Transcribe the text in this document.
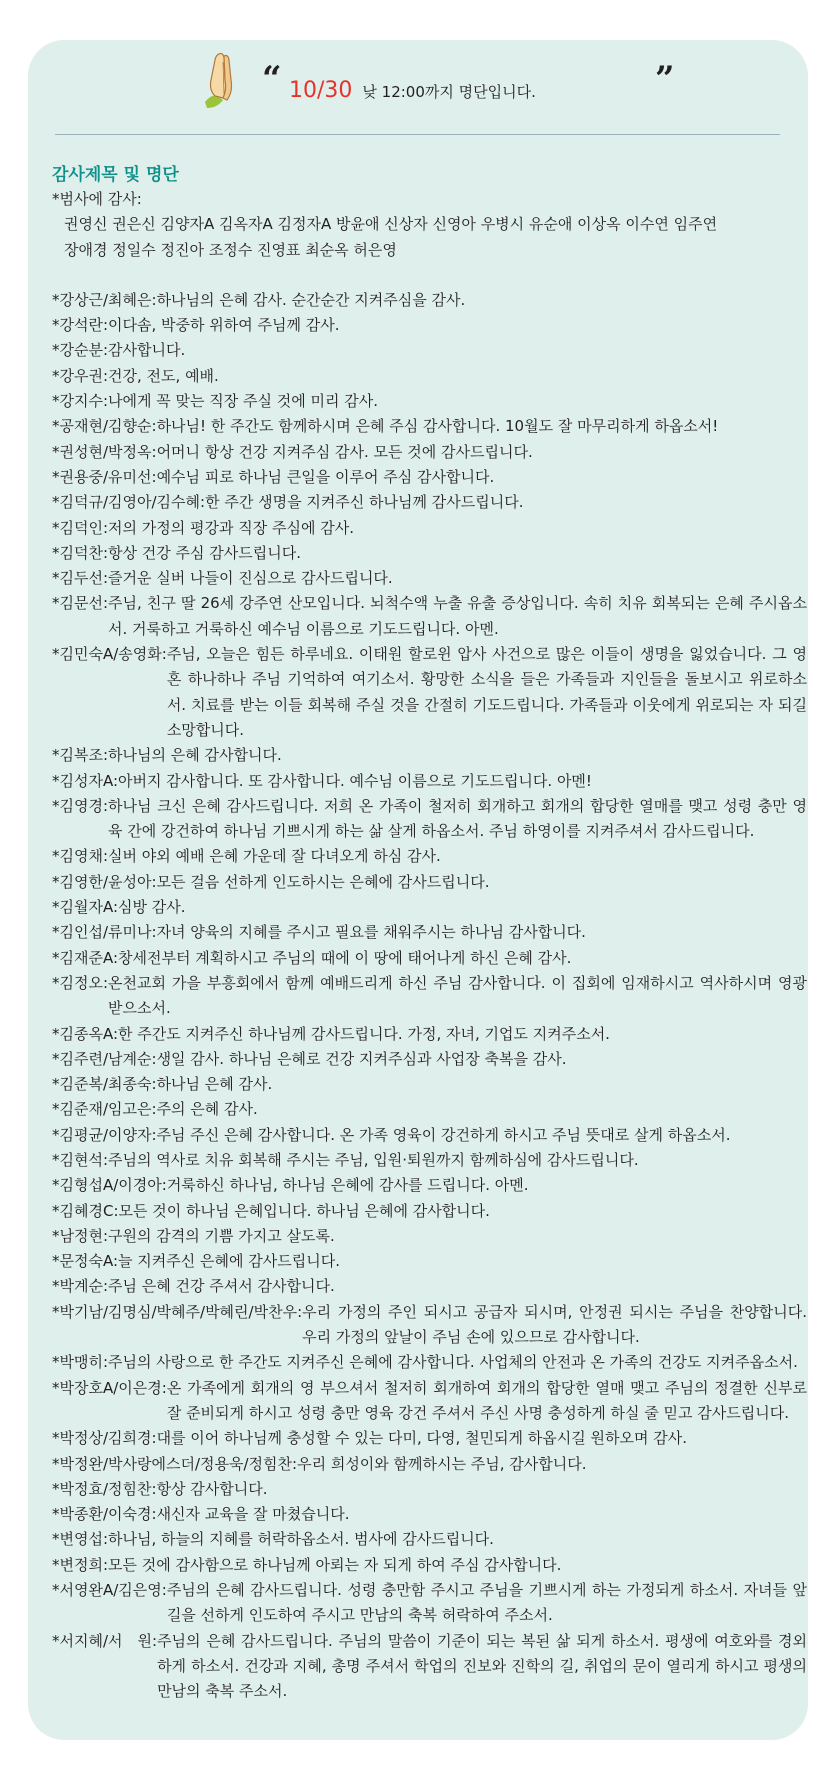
“ 10/30 낮 12:00까지 명단입니다.	”
감사제목 및 명단
*범사에 감사:
권영신 권은신 김양자A 김옥자A 김정자A 방윤애 신상자 신영아 우병시 유순애 이상옥 이수연 임주연
장애경 정일수 정진아 조정수 진영표 최순옥 허은영
*강상근/최혜은: 하나님의 은혜 감사. 순간순간 지켜주심을 감사.
*강석란: 이다솜, 박중하 위하여 주님께 감사.
*강순분: 감사합니다.
*강우권: 건강, 전도, 예배.
*강지수: 나에게 꼭 맞는 직장 주실 것에 미리 감사.
*공재현/김향순: 하나님! 한 주간도 함께하시며 은혜 주심 감사합니다. 10월도 잘 마무리하게 하옵소서!
*권성현/박정옥: 어머니 항상 건강 지켜주심 감사. 모든 것에 감사드립니다.
*권용중/유미선: 예수님 피로 하나님 큰일을 이루어 주심 감사합니다.
*김덕규/김영아/김수혜: 한 주간 생명을 지켜주신 하나님께 감사드립니다.
*김덕인: 저의 가정의 평강과 직장 주심에 감사.
*김덕찬: 항상 건강 주심 감사드립니다.
*김두선: 즐거운 실버 나들이 진심으로 감사드립니다.
*김문선: 주님, 친구 딸 26세 강주연 산모입니다. 뇌척수액 누출 유출 증상입니다. 속히 치유 회복되는 은혜 주시옵소서. 거룩하고 거룩하신 예수님 이름으로 기도드립니다. 아멘.
*김민숙A/송영화: 주님, 오늘은 힘든 하루네요. 이태원 할로윈 압사 사건으로 많은 이들이 생명을 잃었습니다. 그 영혼 하나하나 주님 기억하여 여기소서. 황망한 소식을 들은 가족들과 지인들을 돌보시고 위로하소서. 치료를 받는 이들 회복해 주실 것을 간절히 기도드립니다. 가족들과 이웃에게 위로되는 자 되길 소망합니다.
*김복조: 하나님의 은혜 감사합니다.
*김성자A: 아버지 감사합니다. 또 감사합니다. 예수님 이름으로 기도드립니다. 아멘!
*김영경: 하나님 크신 은혜 감사드립니다. 저희 온 가족이 철저히 회개하고 회개의 합당한 열매를 맺고 성령 충만 영육 간에 강건하여 하나님 기쁘시게 하는 삶 살게 하옵소서. 주님 하영이를 지켜주셔서 감사드립니다.
*김영채: 실버 야외 예배 은혜 가운데 잘 다녀오게 하심 감사.
*김영한/윤성아: 모든 걸음 선하게 인도하시는 은혜에 감사드립니다.
*김월자A: 심방 감사.
*김인섭/류미나: 자녀 양육의 지혜를 주시고 필요를 채워주시는 하나님 감사합니다.
*김재준A: 창세전부터 계획하시고 주님의 때에 이 땅에 태어나게 하신 은혜 감사.
*김정오: 온천교회 가을 부흥회에서 함께 예배드리게 하신 주님 감사합니다. 이 집회에 임재하시고 역사하시며 영광 받으소서.
*김종옥A: 한 주간도 지켜주신 하나님께 감사드립니다. 가정, 자녀, 기업도 지켜주소서.
*김주련/남계순: 생일 감사. 하나님 은혜로 건강 지켜주심과 사업장 축복을 감사.
*김준복/최종숙: 하나님 은혜 감사.
*김준재/임고은: 주의 은혜 감사.
*김평균/이양자: 주님 주신 은혜 감사합니다. 온 가족 영육이 강건하게 하시고 주님 뜻대로 살게 하옵소서.
*김현석: 주님의 역사로 치유 회복해 주시는 주님, 입원·퇴원까지 함께하심에 감사드립니다.
*김형섭A/이경아: 거룩하신 하나님, 하나님 은혜에 감사를 드립니다. 아멘.
*김혜경C: 모든 것이 하나님 은혜입니다. 하나님 은혜에 감사합니다.
*남정현: 구원의 감격의 기쁨 가지고 살도록.
*문정숙A: 늘 지켜주신 은혜에 감사드립니다.
*박계순: 주님 은혜 건강 주셔서 감사합니다.
*박기남/김명심/박혜주/박혜린/박찬우: 우리 가정의 주인 되시고 공급자 되시며, 안정권 되시는 주님을 찬양합니다. 우리 가정의 앞날이 주님 손에 있으므로 감사합니다.
*박맹히: 주님의 사랑으로 한 주간도 지켜주신 은혜에 감사합니다. 사업체의 안전과 온 가족의 건강도 지켜주옵소서.
*박장호A/이은경: 온 가족에게 회개의 영 부으셔서 철저히 회개하여 회개의 합당한 열매 맺고 주님의 정결한 신부로 잘 준비되게 하시고 성령 충만 영육 강건 주셔서 주신 사명 충성하게 하실 줄 믿고 감사드립니다.
*박정상/김희경: 대를 이어 하나님께 충성할 수 있는 다미, 다영, 철민되게 하옵시길 원하오며 감사.
*박정완/박사랑에스더/정용욱/정힘찬: 우리 희성이와 함께하시는 주님, 감사합니다.
*박정효/정힘찬: 항상 감사합니다.
*박종환/이숙경: 새신자 교육을 잘 마쳤습니다.
*변영섭: 하나님, 하늘의 지혜를 허락하옵소서. 범사에 감사드립니다.
*변정희: 모든 것에 감사함으로 하나님께 아뢰는 자 되게 하여 주심 감사합니다.
*서영완A/김은영: 주님의 은혜 감사드립니다. 성령 충만함 주시고 주님을 기쁘시게 하는 가정되게 하소서. 자녀들 앞길을 선하게 인도하여 주시고 만남의 축복 허락하여 주소서.
*서지혜/서　원: 주님의 은혜 감사드립니다. 주님의 말씀이 기준이 되는 복된 삶 되게 하소서. 평생에 여호와를 경외하게 하소서. 건강과 지혜, 총명 주셔서 학업의 진보와 진학의 길, 취업의 문이 열리게 하시고 평생의 만남의 축복 주소서.
